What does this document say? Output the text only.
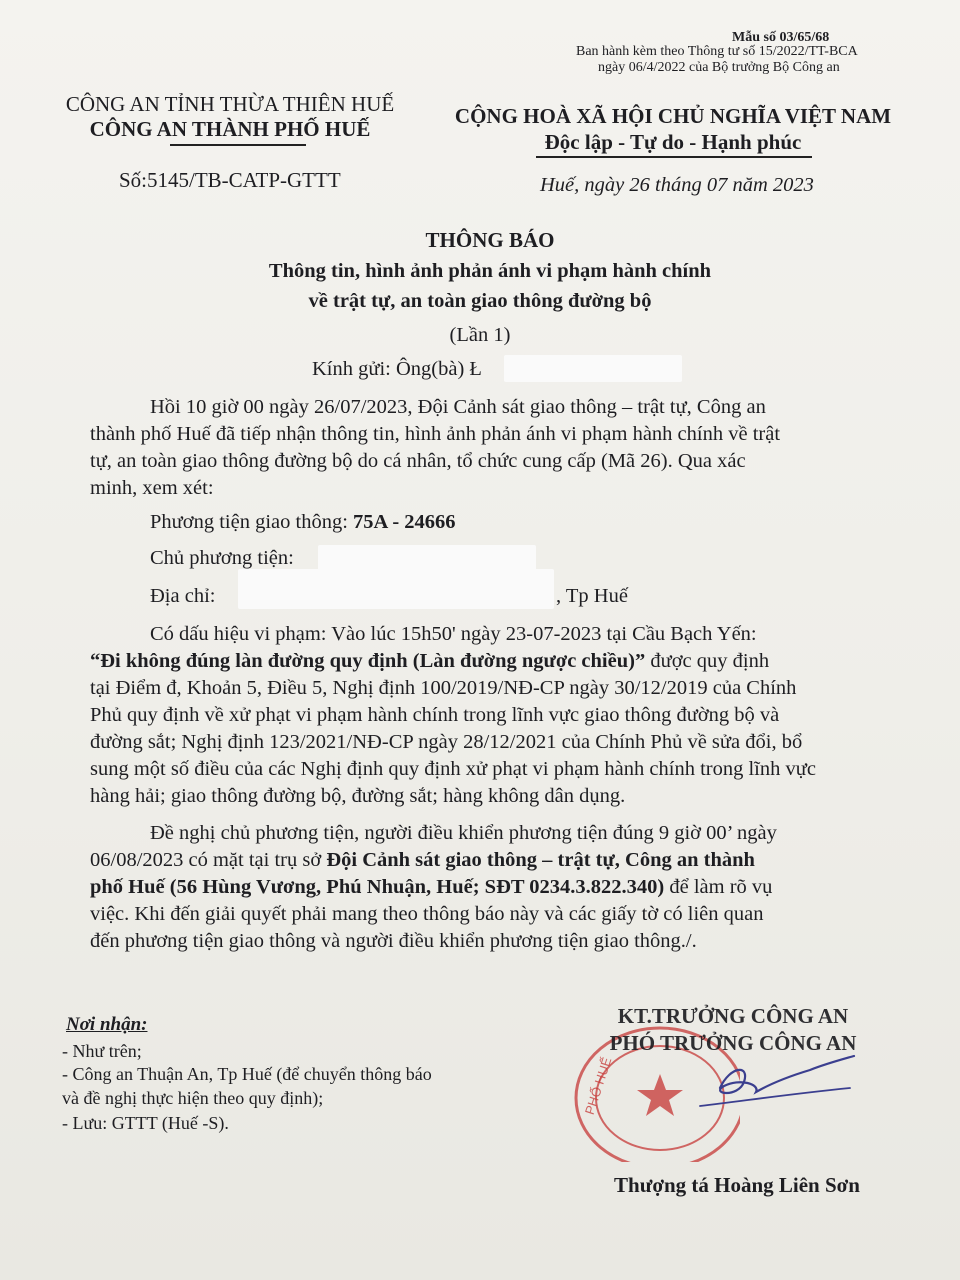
Mẫu số 03/65/68
Ban hành kèm theo Thông tư số 15/2022/TT-BCA
ngày 06/4/2022 của Bộ trưởng Bộ Công an
CÔNG AN TỈNH THỪA THIÊN HUẾ
CÔNG AN THÀNH PHỐ HUẾ
Số:5145/TB-CATP-GTTT
CỘNG HOÀ XÃ HỘI CHỦ NGHĨA VIỆT NAM
Độc lập - Tự do - Hạnh phúc
Huế, ngày 26 tháng 07 năm 2023
THÔNG BÁO
Thông tin, hình ảnh phản ánh vi phạm hành chính
về trật tự, an toàn giao thông đường bộ
(Lần 1)
Kính gửi: Ông(bà) Ł
Hồi 10 giờ 00 ngày 26/07/2023, Đội Cảnh sát giao thông – trật tự, Công an
thành phố Huế đã tiếp nhận thông tin, hình ảnh phản ánh vi phạm hành chính về trật
tự, an toàn giao thông đường bộ do cá nhân, tổ chức cung cấp (Mã 26). Qua xác
minh, xem xét:
Phương tiện giao thông: 75A - 24666
Chủ phương tiện:
Địa chỉ:	, Tp Huế
Có dấu hiệu vi phạm: Vào lúc 15h50' ngày 23-07-2023 tại Cầu Bạch Yến:
“Đi không đúng làn đường quy định (Làn đường ngược chiều)” được quy định
tại Điểm đ, Khoản 5, Điều 5, Nghị định 100/2019/NĐ-CP ngày 30/12/2019 của Chính
Phủ quy định về xử phạt vi phạm hành chính trong lĩnh vực giao thông đường bộ và
đường sắt; Nghị định 123/2021/NĐ-CP ngày 28/12/2021 của Chính Phủ về sửa đổi, bổ
sung một số điều của các Nghị định quy định xử phạt vi phạm hành chính trong lĩnh vực
hàng hải; giao thông đường bộ, đường sắt; hàng không dân dụng.
Đề nghị chủ phương tiện, người điều khiển phương tiện đúng 9 giờ 00’ ngày
06/08/2023 có mặt tại trụ sở Đội Cảnh sát giao thông – trật tự, Công an thành
phố Huế (56 Hùng Vương, Phú Nhuận, Huế; SĐT 0234.3.822.340) để làm rõ vụ
việc. Khi đến giải quyết phải mang theo thông báo này và các giấy tờ có liên quan
đến phương tiện giao thông và người điều khiển phương tiện giao thông./.
Nơi nhận:
- Như trên;
- Công an Thuận An, Tp Huế (để chuyển thông báo
và đề nghị thực hiện theo quy định);
- Lưu: GTTT (Huế -S).
PHỐ HUẾ
KT.TRƯỞNG CÔNG AN
PHÓ TRƯỞNG CÔNG AN
Thượng tá Hoàng Liên Sơn
